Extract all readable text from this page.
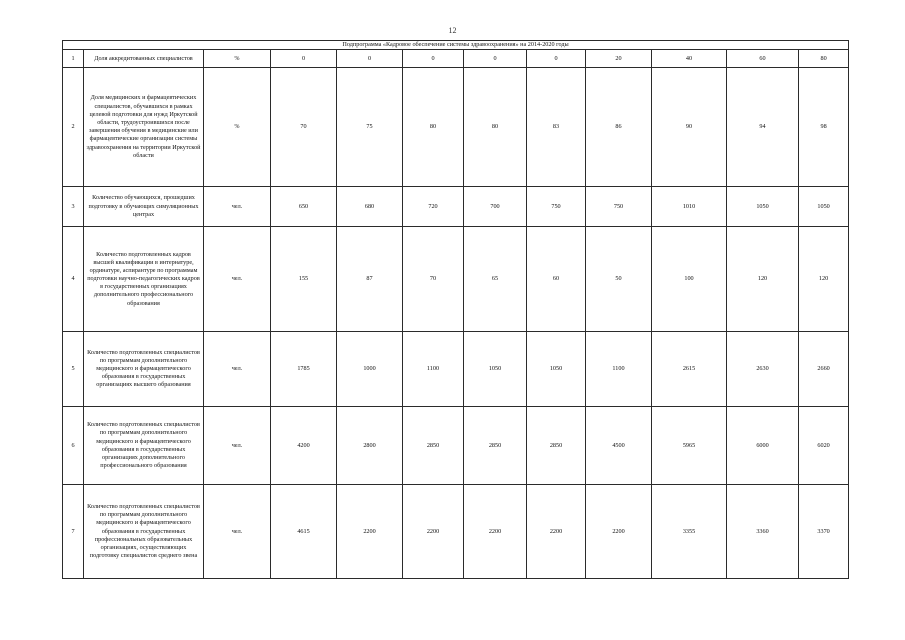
12
Подпрограмма «Кадровое обеспечение системы здравоохранения» на 2014-2020 годы												
1	Доля аккредитованных специалистов	%	0	0	0	0	0	20	40	60	80	
2	Доля медицинских и фармацевтических специалистов, обучавшихся в рамках целевой подготовки для нужд Иркутской области, трудоустроившихся после завершения обучения в медицинские или фармацевтические организации системы здравоохранения на территории Иркутской области	%	70	75	80	80	83	86	90	94	98	
3	Количество обучающихся, прошедших подготовку в обучающих симуляционных центрах	чел.	650	680	720	700	750	750	1010	1050	1050	
4	Количество подготовленных кадров высшей квалификации в интернатуре, ординатуре, аспирантуре по программам подготовки научно-педагогических кадров в государственных организациях дополнительного профессионального образования	чел.	155	87	70	65	60	50	100	120	120	
5	Количество подготовленных специалистов по программам дополнительного медицинского и фармацевтического образования в государственных организациях высшего образования	чел.	1785	1000	1100	1050	1050	1100	2615	2630	2660	
6	Количество подготовленных специалистов по программам дополнительного медицинского и фармацевтического образования в государственных организациях дополнительного профессионального образования	чел.	4200	2800	2850	2850	2850	4500	5965	6000	6020	
7	Количество подготовленных специалистов по программам дополнительного медицинского и фармацевтического образования в государственных профессиональных образовательных организациях, осуществляющих подготовку специалистов среднего звена	чел.	4615	2200	2200	2200	2200	2200	3355	3360	3370	
